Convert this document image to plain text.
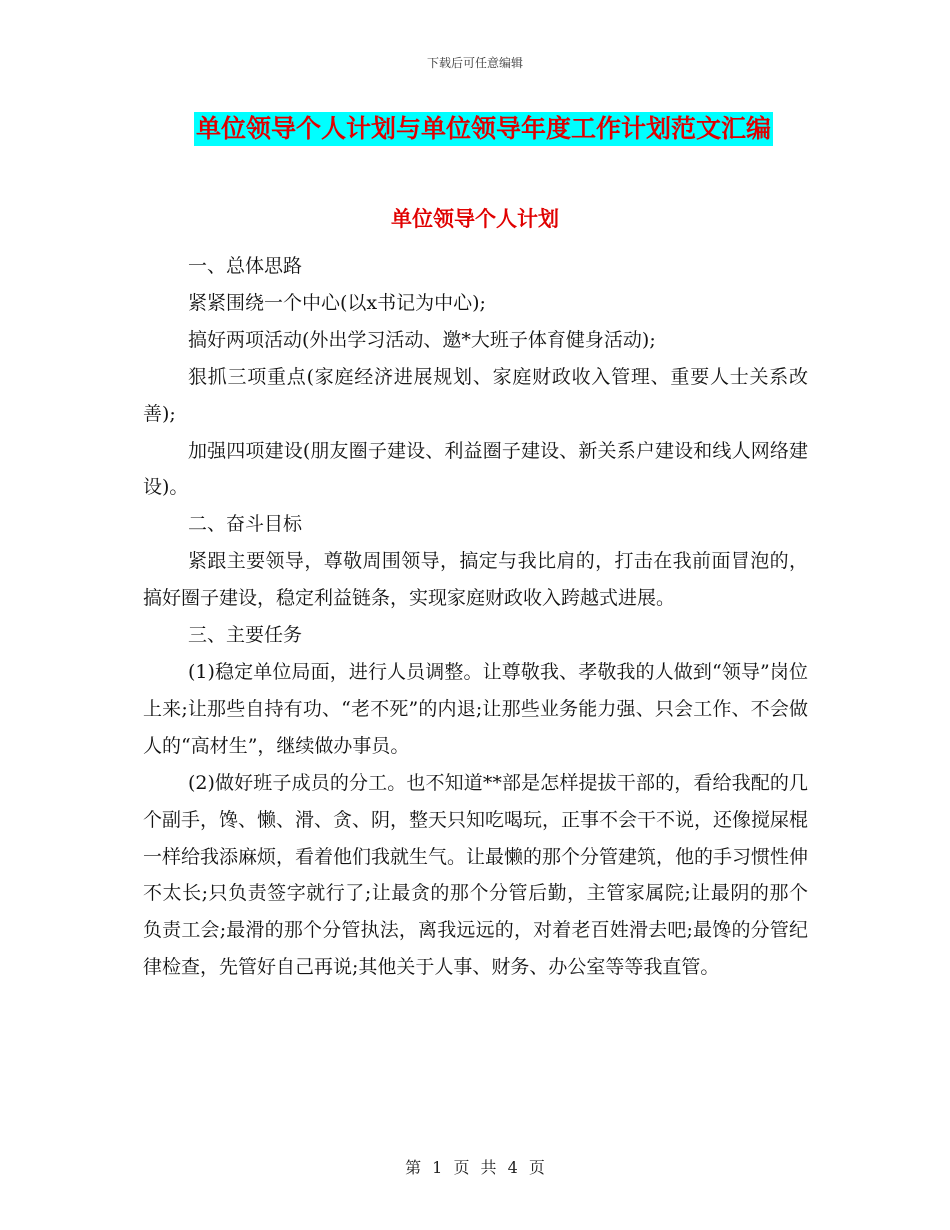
下载后可任意编辑
单位领导个人计划与单位领导年度工作计划范文汇编
单位领导个人计划

一、总体思路

紧紧围绕一个中心(以x书记为中心);

搞好两项活动(外出学习活动、邀*大班子体育健身活动);

狠抓三项重点(家庭经济进展规划、家庭财政收入管理、重要人士关系改善);

加强四项建设(朋友圈子建设、利益圈子建设、新关系户建设和线人网络建设)。

二、奋斗目标

紧跟主要领导，尊敬周围领导，搞定与我比肩的，打击在我前面冒泡的，搞好圈子建设，稳定利益链条，实现家庭财政收入跨越式进展。

三、主要任务

(1)稳定单位局面，进行人员调整。让尊敬我、孝敬我的人做到“领导”岗位上来;让那些自持有功、“老不死”的内退;让那些业务能力强、只会工作、不会做人的“高材生”，继续做办事员。

(2)做好班子成员的分工。也不知道**部是怎样提拔干部的，看给我配的几个副手，馋、懒、滑、贪、阴，整天只知吃喝玩，正事不会干不说，还像搅屎棍一样给我添麻烦，看着他们我就生气。让最懒的那个分管建筑，他的手习惯性伸不太长;只负责签字就行了;让最贪的那个分管后勤，主管家属院;让最阴的那个负责工会;最滑的那个分管执法，离我远远的，对着老百姓滑去吧;最馋的分管纪律检查，先管好自己再说;其他关于人事、财务、办公室等等我直管。

第 1 页 共 4 页
